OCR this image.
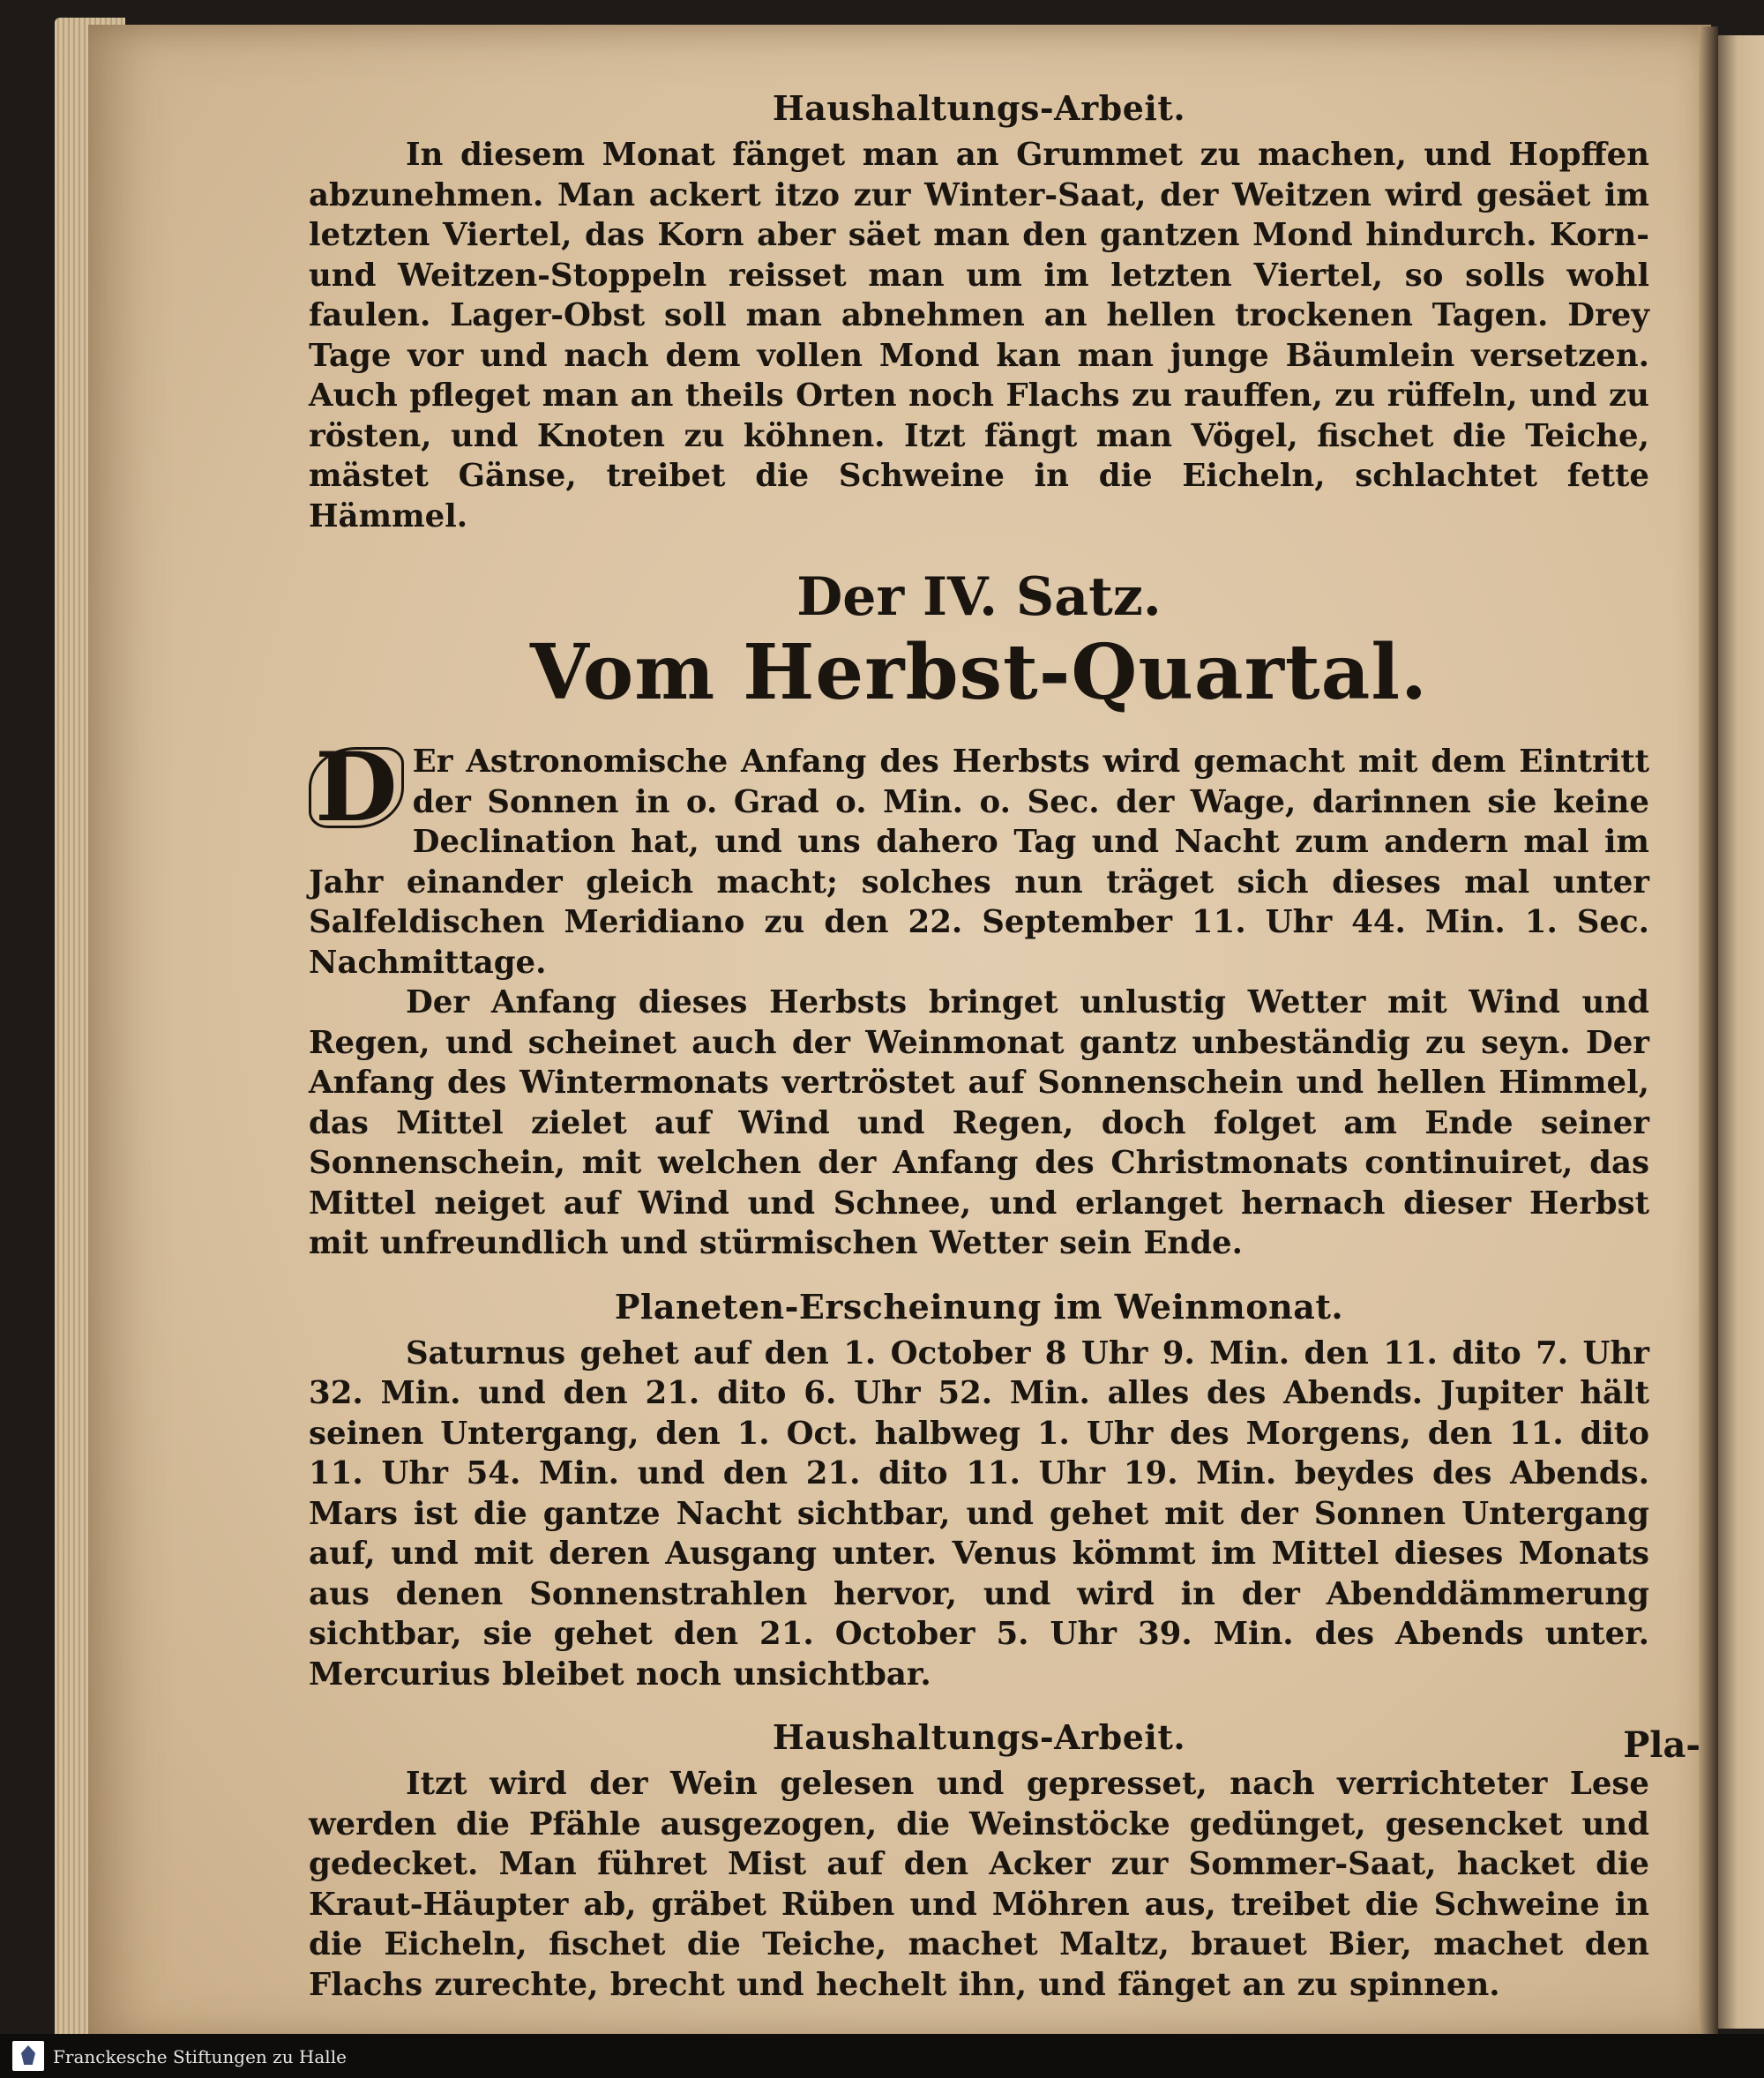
Haushaltungs-Arbeit.

In diesem Monat fänget man an Grummet zu machen, und Hopffen abzunehmen. Man ackert itzo zur Winter-Saat, der Weitzen wird gesäet im letzten Viertel, das Korn aber säet man den gantzen Mond hindurch. Korn- und Weitzen-Stoppeln reisset man um im letzten Viertel, so solls wohl faulen. Lager-Obst soll man abnehmen an hellen trockenen Tagen. Drey Tage vor und nach dem vollen Mond kan man junge Bäumlein versetzen. Auch pfleget man an theils Orten noch Flachs zu rauffen, zu rüffeln, und zu rösten, und Knoten zu köhnen. Itzt fängt man Vögel, fischet die Teiche, mästet Gänse, treibet die Schweine in die Eicheln, schlachtet fette Hämmel.

Der IV. Satz.
Vom Herbst-Quartal.
D Er Astronomische Anfang des Herbsts wird gemacht mit dem Eintritt der Sonnen in o. Grad o. Min. o. Sec. der Wage, darinnen sie keine Declination hat, und uns dahero Tag und Nacht zum andern mal im Jahr einander gleich macht; solches nun träget sich dieses mal unter Salfeldischen Meridiano zu den 22. September 11. Uhr 44. Min. 1. Sec. Nachmittage.

Der Anfang dieses Herbsts bringet unlustig Wetter mit Wind und Regen, und scheinet auch der Weinmonat gantz unbeständig zu seyn. Der Anfang des Wintermonats vertröstet auf Sonnenschein und hellen Himmel, das Mittel zielet auf Wind und Regen, doch folget am Ende seiner Sonnenschein, mit welchen der Anfang des Christmonats continuiret, das Mittel neiget auf Wind und Schnee, und erlanget hernach dieser Herbst mit unfreundlich und stürmischen Wetter sein Ende.

Planeten-Erscheinung im Weinmonat.

Saturnus gehet auf den 1. October 8 Uhr 9. Min. den 11. dito 7. Uhr 32. Min. und den 21. dito 6. Uhr 52. Min. alles des Abends. Jupiter hält seinen Untergang, den 1. Oct. halbweg 1. Uhr des Morgens, den 11. dito 11. Uhr 54. Min. und den 21. dito 11. Uhr 19. Min. beydes des Abends. Mars ist die gantze Nacht sichtbar, und gehet mit der Sonnen Untergang auf, und mit deren Ausgang unter. Venus kömmt im Mittel dieses Monats aus denen Sonnenstrahlen hervor, und wird in der Abenddämmerung sichtbar, sie gehet den 21. October 5. Uhr 39. Min. des Abends unter. Mercurius bleibet noch unsichtbar.

Haushaltungs-Arbeit.

Itzt wird der Wein gelesen und gepresset, nach verrichteter Lese werden die Pfähle ausgezogen, die Weinstöcke gedünget, gesencket und gedecket. Man führet Mist auf den Acker zur Sommer-Saat, hacket die Kraut-Häupter ab, gräbet Rüben und Möhren aus, treibet die Schweine in die Eicheln, fischet die Teiche, machet Maltz, brauet Bier, machet den Flachs zurechte, brecht und hechelt ihn, und fänget an zu spinnen.

Pla-
Franckesche Stiftungen zu Halle
